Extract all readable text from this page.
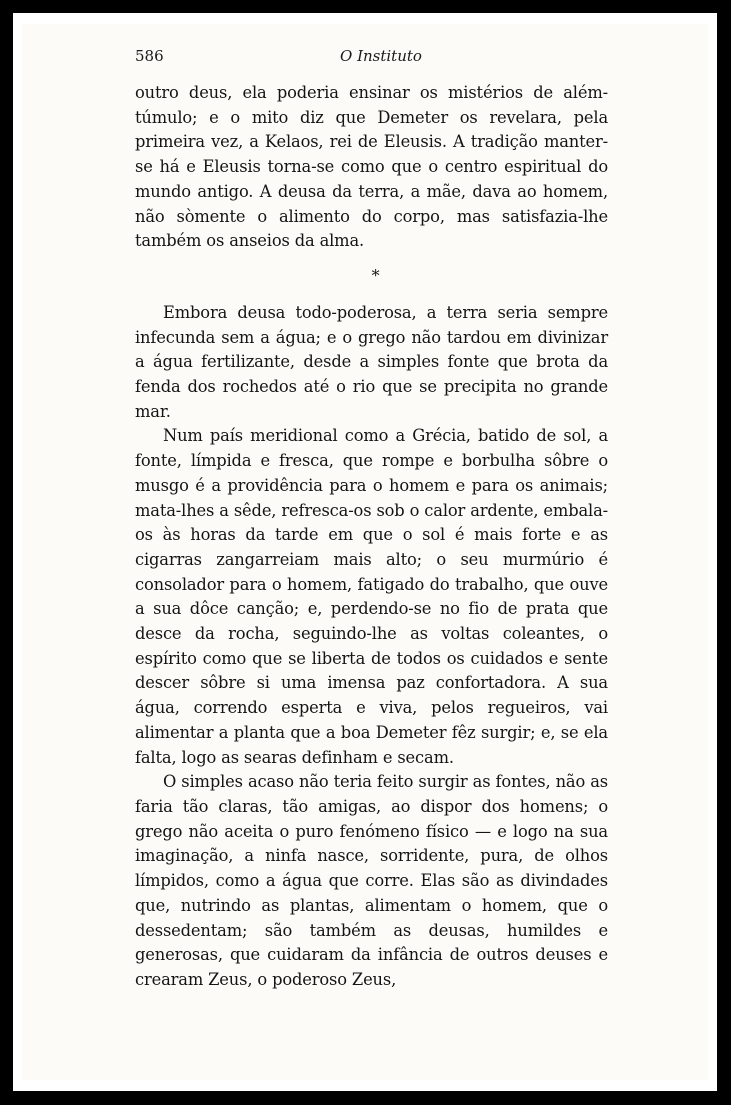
586	O Instituto

outro deus, ela poderia ensinar os mistérios de além-túmulo; e o mito diz que Demeter os revelara, pela primeira vez, a Kelaos, rei de Eleusis. A tradição manter-se há e Eleusis torna-se como que o centro espiritual do mundo antigo. A deusa da terra, a mãe, dava ao homem, não sòmente o alimento do corpo, mas satisfazia-lhe também os anseios da alma.

*

Embora deusa todo-poderosa, a terra seria sempre infecunda sem a água; e o grego não tardou em divinizar a água fertilizante, desde a simples fonte que brota da fenda dos rochedos até o rio que se precipita no grande mar.

Num país meridional como a Grécia, batido de sol, a fonte, límpida e fresca, que rompe e borbulha sôbre o musgo é a providência para o homem e para os animais; mata-lhes a sêde, refresca-os sob o calor ardente, embala-os às horas da tarde em que o sol é mais forte e as cigarras zangarreiam mais alto; o seu murmúrio é consolador para o homem, fatigado do trabalho, que ouve a sua dôce canção; e, perdendo-se no fio de prata que desce da rocha, seguindo-lhe as voltas coleantes, o espírito como que se liberta de todos os cuidados e sente descer sôbre si uma imensa paz confortadora. A sua água, correndo esperta e viva, pelos regueiros, vai alimentar a planta que a boa Demeter fêz surgir; e, se ela falta, logo as searas definham e secam.

O simples acaso não teria feito surgir as fontes, não as faria tão claras, tão amigas, ao dispor dos homens; o grego não aceita o puro fenómeno físico — e logo na sua imaginação, a ninfa nasce, sorridente, pura, de olhos límpidos, como a água que corre. Elas são as divindades que, nutrindo as plantas, alimentam o homem, que o dessedentam; são também as deusas, humildes e generosas, que cuidaram da infância de outros deuses e crearam Zeus, o poderoso Zeus,
